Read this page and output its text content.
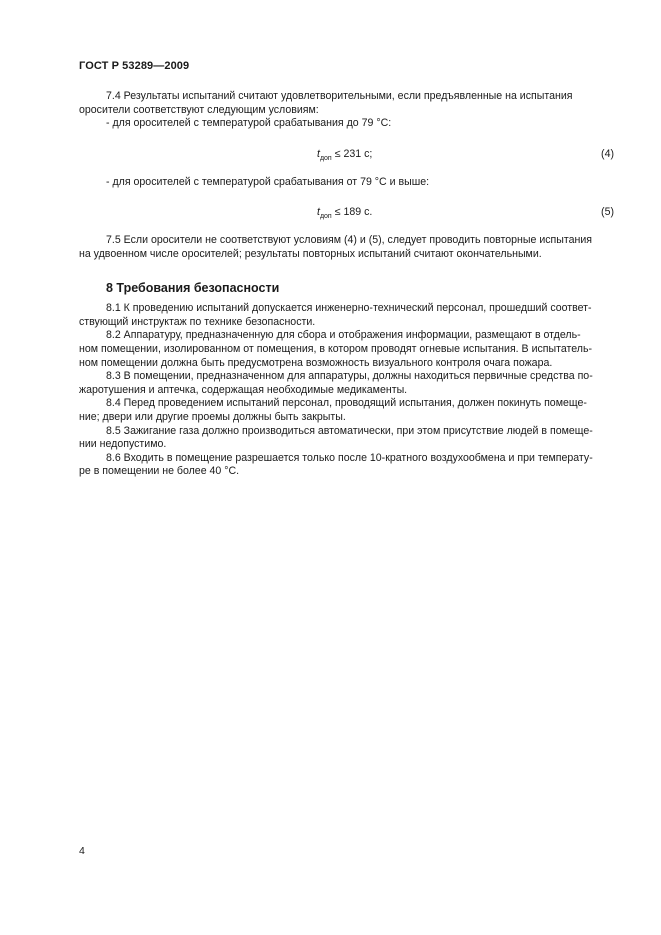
ГОСТ Р 53289—2009

7.4 Результаты испытаний считают удовлетворительными, если предъявленные на испытания

оросители соответствуют следующим условиям:

- для оросителей с температурой срабатывания до 79 °C:

$t_{доп} \le 231$ с;	(4)

- для оросителей с температурой срабатывания от 79 °C и выше:

$t_{доп} \le 189$ с.	(5)

7.5 Если оросители не соответствуют условиям (4) и (5), следует проводить повторные испытания

на удвоенном числе оросителей; результаты повторных испытаний считают окончательными.

8 Требования безопасности

8.1 К проведению испытаний допускается инженерно-технический персонал, прошедший соответ-

ствующий инструктаж по технике безопасности.

8.2 Аппаратуру, предназначенную для сбора и отображения информации, размещают в отдель-

ном помещении, изолированном от помещения, в котором проводят огневые испытания. В испытатель-

ном помещении должна быть предусмотрена возможность визуального контроля очага пожара.

8.3 В помещении, предназначенном для аппаратуры, должны находиться первичные средства по-

жаротушения и аптечка, содержащая необходимые медикаменты.

8.4 Перед проведением испытаний персонал, проводящий испытания, должен покинуть помеще-

ние; двери или другие проемы должны быть закрыты.

8.5 Зажигание газа должно производиться автоматически, при этом присутствие людей в помеще-

нии недопустимо.

8.6 Входить в помещение разрешается только после 10-кратного воздухообмена и при температу-

ре в помещении не более 40 °C.

4
